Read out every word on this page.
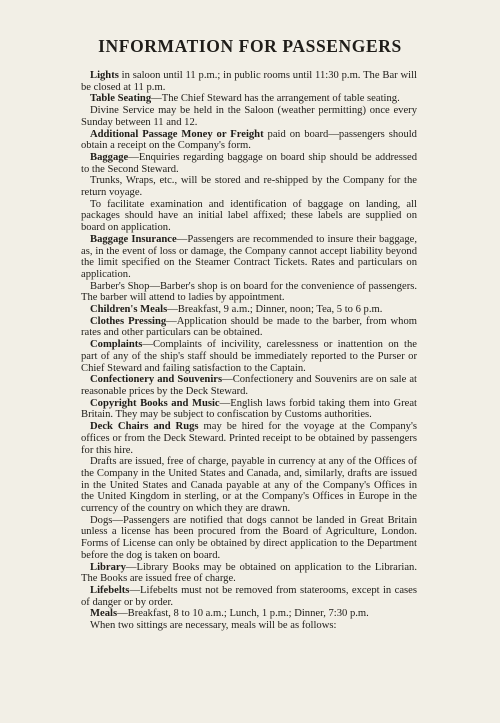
INFORMATION FOR PASSENGERS

Lights in saloon until 11 p.m.; in public rooms until 11:30 p.m. The Bar will be closed at 11 p.m.

Table Seating—The Chief Steward has the arrangement of table seating.

Divine Service may be held in the Saloon (weather permitting) once every Sunday between 11 and 12.

Additional Passage Money or Freight paid on board—passengers should obtain a receipt on the Company's form.

Baggage—Enquiries regarding baggage on board ship should be addressed to the Second Steward.

Trunks, Wraps, etc., will be stored and re-shipped by the Company for the return voyage.

To facilitate examination and identification of baggage on landing, all packages should have an initial label affixed; these labels are supplied on board on application.

Baggage Insurance—Passengers are recommended to insure their baggage, as, in the event of loss or damage, the Company cannot accept liability beyond the limit specified on the Steamer Contract Tickets. Rates and particulars on application.

Barber's Shop—Barber's shop is on board for the convenience of passengers. The barber will attend to ladies by appointment.

Children's Meals—Breakfast, 9 a.m.; Dinner, noon; Tea, 5 to 6 p.m.

Clothes Pressing—Application should be made to the barber, from whom rates and other particulars can be obtained.

Complaints—Complaints of incivility, carelessness or inattention on the part of any of the ship's staff should be immediately reported to the Purser or Chief Steward and failing satisfaction to the Captain.

Confectionery and Souvenirs—Confectionery and Souvenirs are on sale at reasonable prices by the Deck Steward.

Copyright Books and Music—English laws forbid taking them into Great Britain. They may be subject to confiscation by Customs authorities.

Deck Chairs and Rugs may be hired for the voyage at the Company's offices or from the Deck Steward. Printed receipt to be obtained by passengers for this hire.

Drafts are issued, free of charge, payable in currency at any of the Offices of the Company in the United States and Canada, and, similarly, drafts are issued in the United States and Canada payable at any of the Company's Offices in the United Kingdom in sterling, or at the Company's Offices in Europe in the currency of the country on which they are drawn.

Dogs—Passengers are notified that dogs cannot be landed in Great Britain unless a license has been procured from the Board of Agriculture, London. Forms of License can only be obtained by direct application to the Department before the dog is taken on board.

Library—Library Books may be obtained on application to the Librarian. The Books are issued free of charge.

Lifebelts—Lifebelts must not be removed from staterooms, except in cases of danger or by order.

Meals—Breakfast, 8 to 10 a.m.; Lunch, 1 p.m.; Dinner, 7:30 p.m.

When two sittings are necessary, meals will be as follows:
